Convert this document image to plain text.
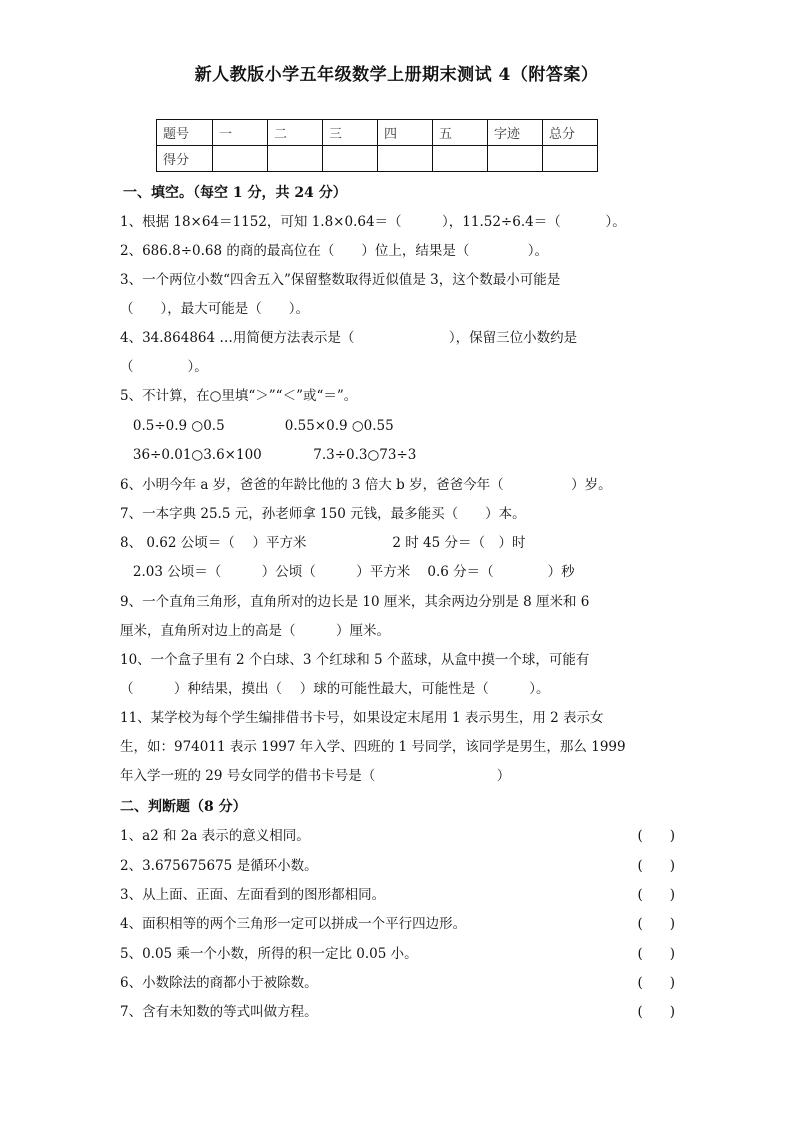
新人教版小学五年级数学上册期末测试 4（附答案）
题号	一	二	三	四	五	字迹	总分
得分							
一、填空。（每空 1 分，共 24 分）
1、根据 18×64＝1152，可知 1.8×0.64＝（　　　），11.52÷6.4＝（　　　 ）。
2、686.8÷0.68 的商的最高位在（　　）位上，结果是（　　　　 ）。
3、一个两位小数“四舍五入”保留整数取得近似值是 3，这个数最小可能是
（　　），最大可能是（　　）。
4、34.864864 …用简便方法表示是（　　　　　　　），保留三位小数约是
（　　　　）。
5、不计算，在○里填“＞”“＜”或“＝”。
0.5÷0.9 ○0.5              0.55×0.9 ○0.55
36÷0.01○3.6×100            7.3÷0.3○73÷3
6、小明今年 a 岁，爸爸的年龄比他的 3 倍大 b 岁，爸爸今年（　　　　　）岁。
7、一本字典 25.5 元，孙老师拿 150 元钱，最多能买（　　）本。
8、 0.62 公顷＝（　 ）平方米                    2 时 45 分＝（　）时
2.03 公顷＝（　　　）公顷（　　　）平方米    0.6 分＝（　　　　）秒
9、一个直角三角形，直角所对的边长是 10 厘米，其余两边分别是 8 厘米和 6
厘米，直角所对边上的高是（　　　）厘米。
10、一个盒子里有 2 个白球、3 个红球和 5 个蓝球，从盒中摸一个球，可能有
（　　　）种结果，摸出（　 ）球的可能性最大，可能性是（　　　）。
11、某学校为每个学生编排借书卡号，如果设定末尾用 1 表示男生，用 2 表示女
生，如：974011 表示 1997 年入学、四班的 1 号同学，该同学是男生，那么 1999
年入学一班的 29 号女同学的借书卡号是（　　　　　　　　　）
二、判断题（8 分）
1、a2 和 2a 表示的意义相同。	(　　)
2、3.675675675 是循环小数。	(　　)
3、从上面、正面、左面看到的图形都相同。	(　　)
4、面积相等的两个三角形一定可以拼成一个平行四边形。	(　　)
5、0.05 乘一个小数，所得的积一定比 0.05 小。	(　　)
6、小数除法的商都小于被除数。	(　　)
7、含有未知数的等式叫做方程。	(　　)
